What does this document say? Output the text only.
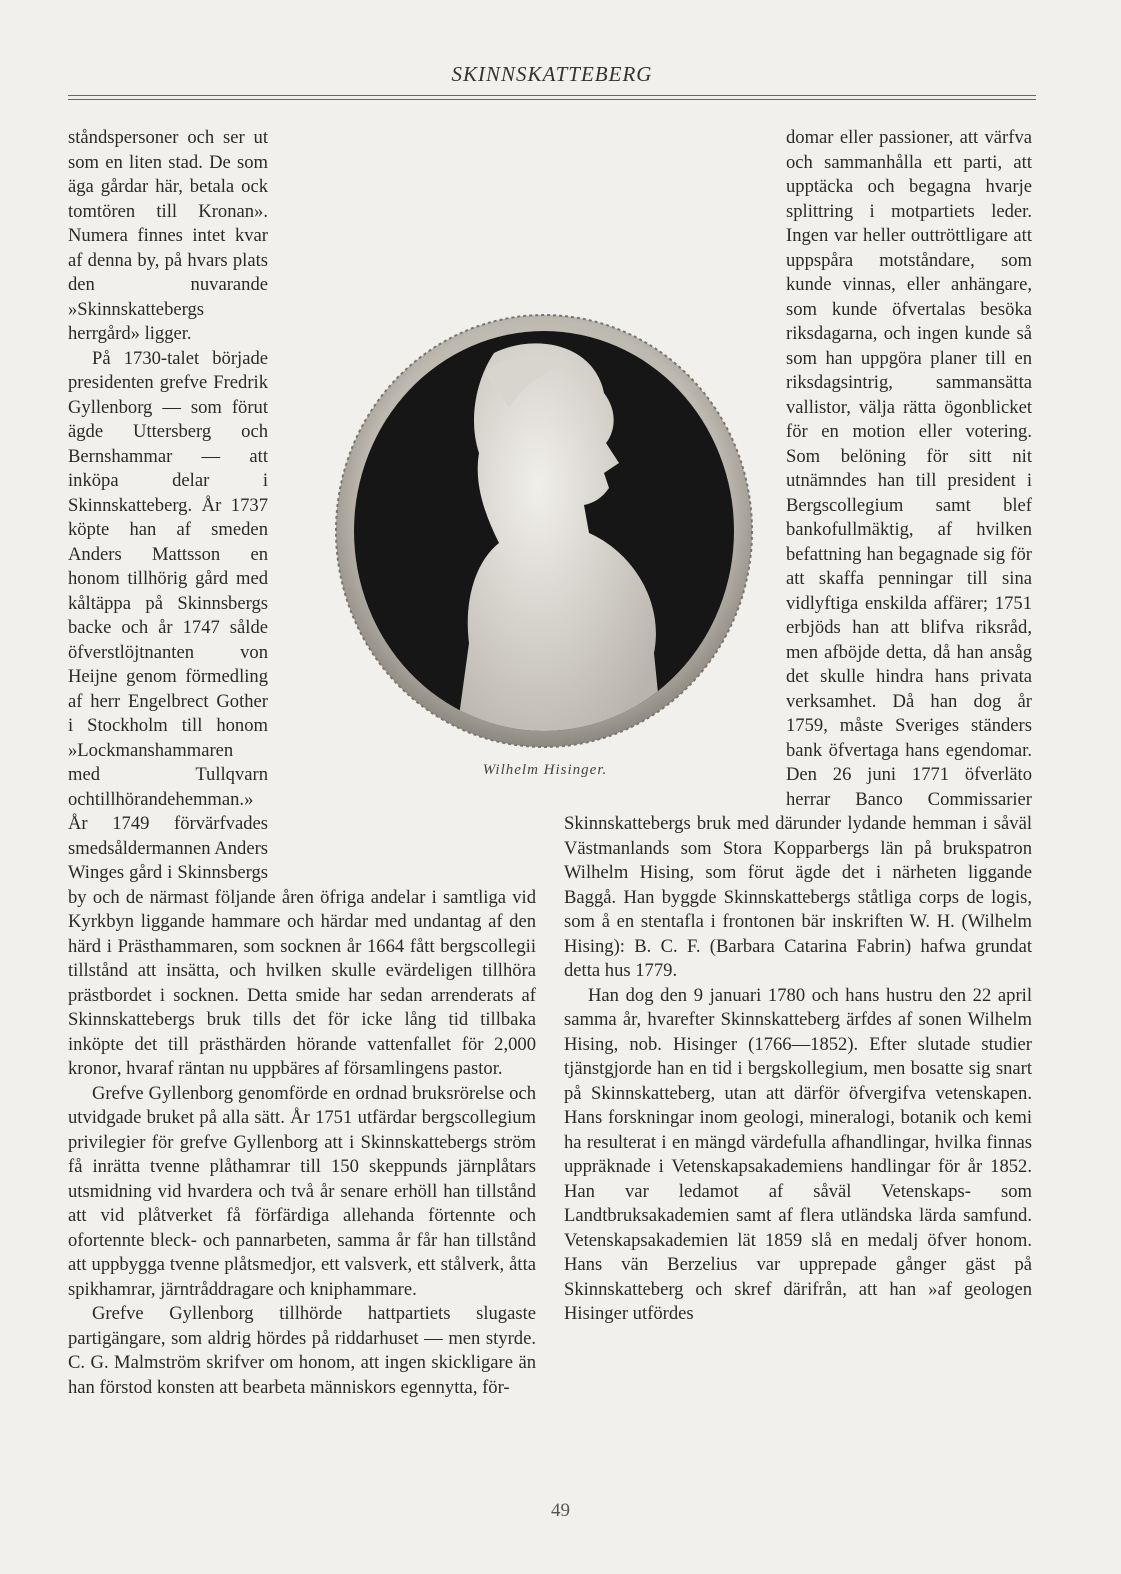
SKINNSKATTEBERG

ståndspersoner och ser ut som en liten stad. De som äga gårdar här, betala ock tomtören till Kronan». Numera finnes intet kvar af denna by, på hvars plats den nuvarande »Skinnskattebergs herrgård» ligger.

På 1730-talet började presidenten grefve Fredrik Gyllenborg — som förut ägde Uttersberg och Bernshammar — att inköpa delar i Skinnskatteberg. År 1737 köpte han af smeden Anders Mattsson en honom tillhörig gård med kåltäppa på Skinnsbergs backe och år 1747 sålde öfverstlöjtnanten von Heijne genom förmedling af herr Engelbrect Gother i Stockholm till honom »Lockmanshammaren med Tullqvarn ochtillhörandehemman.» År 1749 förvärfvades smedsåldermannen Anders Winges gård i Skinnsbergs by och de närmast följande åren öfriga andelar i samtliga vid Kyrkbyn liggande hammare och härdar med undantag af den härd i Prästhammaren, som socknen år 1664 fått bergscollegii tillstånd att insätta, och hvilken skulle evärdeligen tillhöra prästbordet i socknen. Detta smide har sedan arrenderats af Skinnskattebergs bruk tills det för icke lång tid tillbaka inköpte det till prästhärden hörande vattenfallet för 2,000 kronor, hvaraf räntan nu uppbäres af församlingens pastor.

Grefve Gyllenborg genomförde en ordnad bruksrörelse och utvidgade bruket på alla sätt. År 1751 utfärdar bergscollegium privilegier för grefve Gyllenborg att i Skinnskattebergs ström få inrätta tvenne plåthamrar till 150 skeppunds järnplåtars utsmidning vid hvardera och två år senare erhöll han tillstånd att vid plåtverket få förfärdiga allehanda förtennte och ofortennte bleck- och pannarbeten, samma år får han tillstånd att uppbygga tvenne plåtsmedjor, ett valsverk, ett stålverk, åtta spikhamrar, järntråddragare och kniphammare.

Grefve Gyllenborg tillhörde hattpartiets slugaste partigängare, som aldrig hördes på riddarhuset — men styrde. C. G. Malmström skrifver om honom, att ingen skickligare än han förstod konsten att bearbeta människors egennytta, för-

domar eller passioner, att värfva och sammanhålla ett parti, att upptäcka och begagna hvarje splittring i motpartiets leder. Ingen var heller outtröttligare att uppspåra motståndare, som kunde vinnas, eller anhängare, som kunde öfvertalas besöka riksdagarna, och ingen kunde så som han uppgöra planer till en riksdagsintrig, sammansätta vallistor, välja rätta ögonblicket för en motion eller votering. Som belöning för sitt nit utnämndes han till president i Bergscollegium samt blef bankofullmäktig, af hvilken befattning han begagnade sig för att skaffa penningar till sina vidlyftiga enskilda affärer; 1751 erbjöds han att blifva riksråd, men afböjde detta, då han ansåg det skulle hindra hans privata verksamhet. Då han dog år 1759, måste Sveriges ständers bank öfvertaga hans egendomar. Den 26 juni 1771 öfverläto herrar Banco Commissarier Skinnskattebergs bruk med därunder lydande hemman i såväl Västmanlands som Stora Kopparbergs län på brukspatron Wilhelm Hising, som förut ägde det i närheten liggande Baggå. Han byggde Skinnskattebergs ståtliga corps de logis, som å en stentafla i frontonen bär inskriften W. H. (Wilhelm Hising): B. C. F. (Barbara Catarina Fabrin) hafwa grundat detta hus 1779.

Han dog den 9 januari 1780 och hans hustru den 22 april samma år, hvarefter Skinnskatteberg ärfdes af sonen Wilhelm Hising, nob. Hisinger (1766—1852). Efter slutade studier tjänstgjorde han en tid i bergskollegium, men bosatte sig snart på Skinnskatteberg, utan att därför öfvergifva vetenskapen. Hans forskningar inom geologi, mineralogi, botanik och kemi ha resulterat i en mängd värdefulla afhandlingar, hvilka finnas uppräknade i Vetenskapsakademiens handlingar för år 1852. Han var ledamot af såväl Vetenskaps- som Landtbruksakademien samt af flera utländska lärda samfund. Vetenskapsakademien lät 1859 slå en medalj öfver honom. Hans vän Berzelius var upprepade gånger gäst på Skinnskatteberg och skref därifrån, att han »af geologen Hisinger utfördes

Wilhelm Hisinger.
49
